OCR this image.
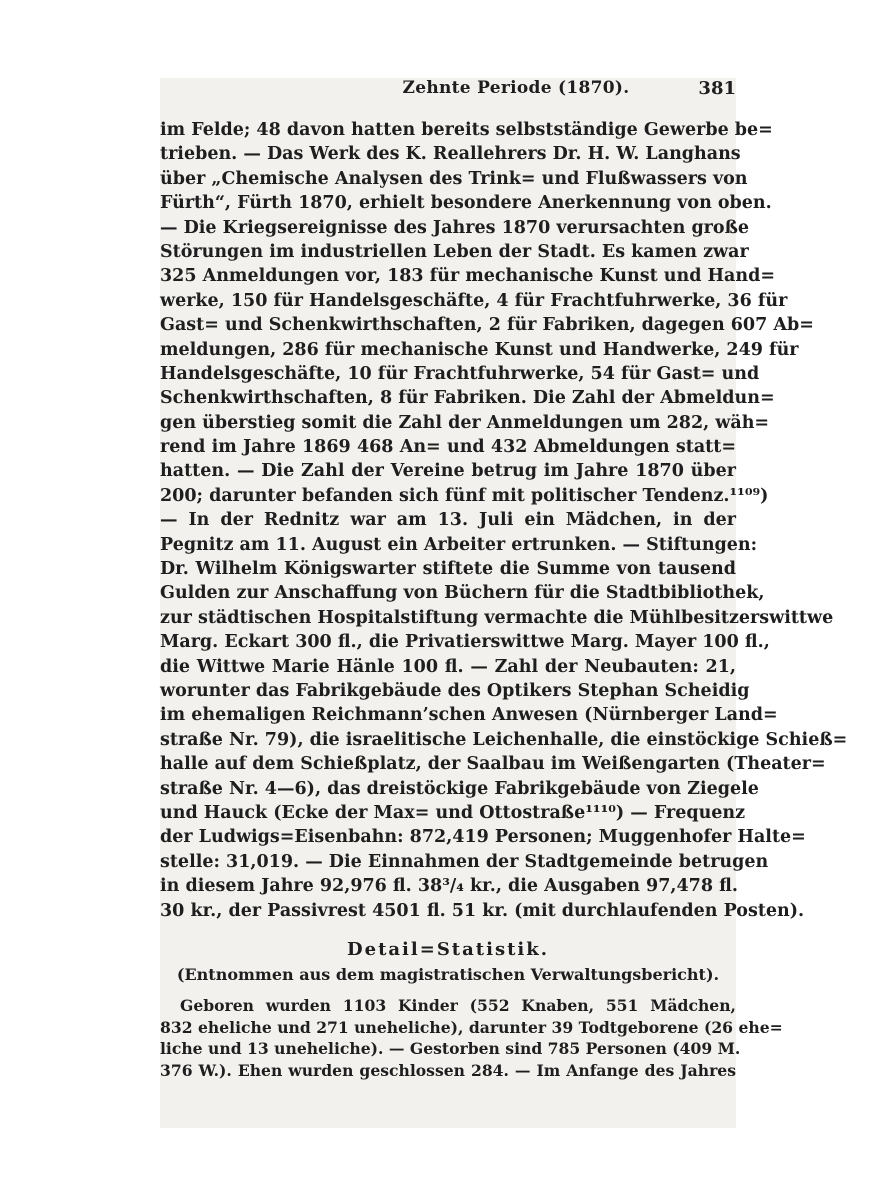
Zehnte Periode (1870).	381
im Felde; 48 davon hatten bereits selbstständige Gewerbe be=
trieben. — Das Werk des K. Reallehrers Dr. H. W. Langhans
über „Chemische Analysen des Trink= und Flußwassers von
Fürth“, Fürth 1870, erhielt besondere Anerkennung von oben.
— Die Kriegsereignisse des Jahres 1870 verursachten große
Störungen im industriellen Leben der Stadt. Es kamen zwar
325 Anmeldungen vor, 183 für mechanische Kunst und Hand=
werke, 150 für Handelsgeschäfte, 4 für Frachtfuhrwerke, 36 für
Gast= und Schenkwirthschaften, 2 für Fabriken, dagegen 607 Ab=
meldungen, 286 für mechanische Kunst und Handwerke, 249 für
Handelsgeschäfte, 10 für Frachtfuhrwerke, 54 für Gast= und
Schenkwirthschaften, 8 für Fabriken. Die Zahl der Abmeldun=
gen überstieg somit die Zahl der Anmeldungen um 282, wäh=
rend im Jahre 1869 468 An= und 432 Abmeldungen statt=
hatten. — Die Zahl der Vereine betrug im Jahre 1870 über
200; darunter befanden sich fünf mit politischer Tendenz.¹¹⁰⁹)
— In der Rednitz war am 13. Juli ein Mädchen, in der
Pegnitz am 11. August ein Arbeiter ertrunken. — Stiftungen:
Dr. Wilhelm Königswarter stiftete die Summe von tausend
Gulden zur Anschaffung von Büchern für die Stadtbibliothek,
zur städtischen Hospitalstiftung vermachte die Mühlbesitzerswittwe
Marg. Eckart 300 fl., die Privatierswittwe Marg. Mayer 100 fl.,
die Wittwe Marie Hänle 100 fl. — Zahl der Neubauten: 21,
worunter das Fabrikgebäude des Optikers Stephan Scheidig
im ehemaligen Reichmann’schen Anwesen (Nürnberger Land=
straße Nr. 79), die israelitische Leichenhalle, die einstöckige Schieß=
halle auf dem Schießplatz, der Saalbau im Weißengarten (Theater=
straße Nr. 4—6), das dreistöckige Fabrikgebäude von Ziegele
und Hauck (Ecke der Max= und Ottostraße¹¹¹⁰) — Frequenz
der Ludwigs=Eisenbahn: 872,419 Personen; Muggenhofer Halte=
stelle: 31,019. — Die Einnahmen der Stadtgemeinde betrugen
in diesem Jahre 92,976 fl. 38³/₄ kr., die Ausgaben 97,478 fl.
30 kr., der Passivrest 4501 fl. 51 kr. (mit durchlaufenden Posten).
Detail=Statistik.
(Entnommen aus dem magistratischen Verwaltungsbericht).
Geboren wurden 1103 Kinder (552 Knaben, 551 Mädchen,
832 eheliche und 271 uneheliche), darunter 39 Todtgeborene (26 ehe=
liche und 13 uneheliche). — Gestorben sind 785 Personen (409 M.
376 W.). Ehen wurden geschlossen 284. — Im Anfange des Jahres
